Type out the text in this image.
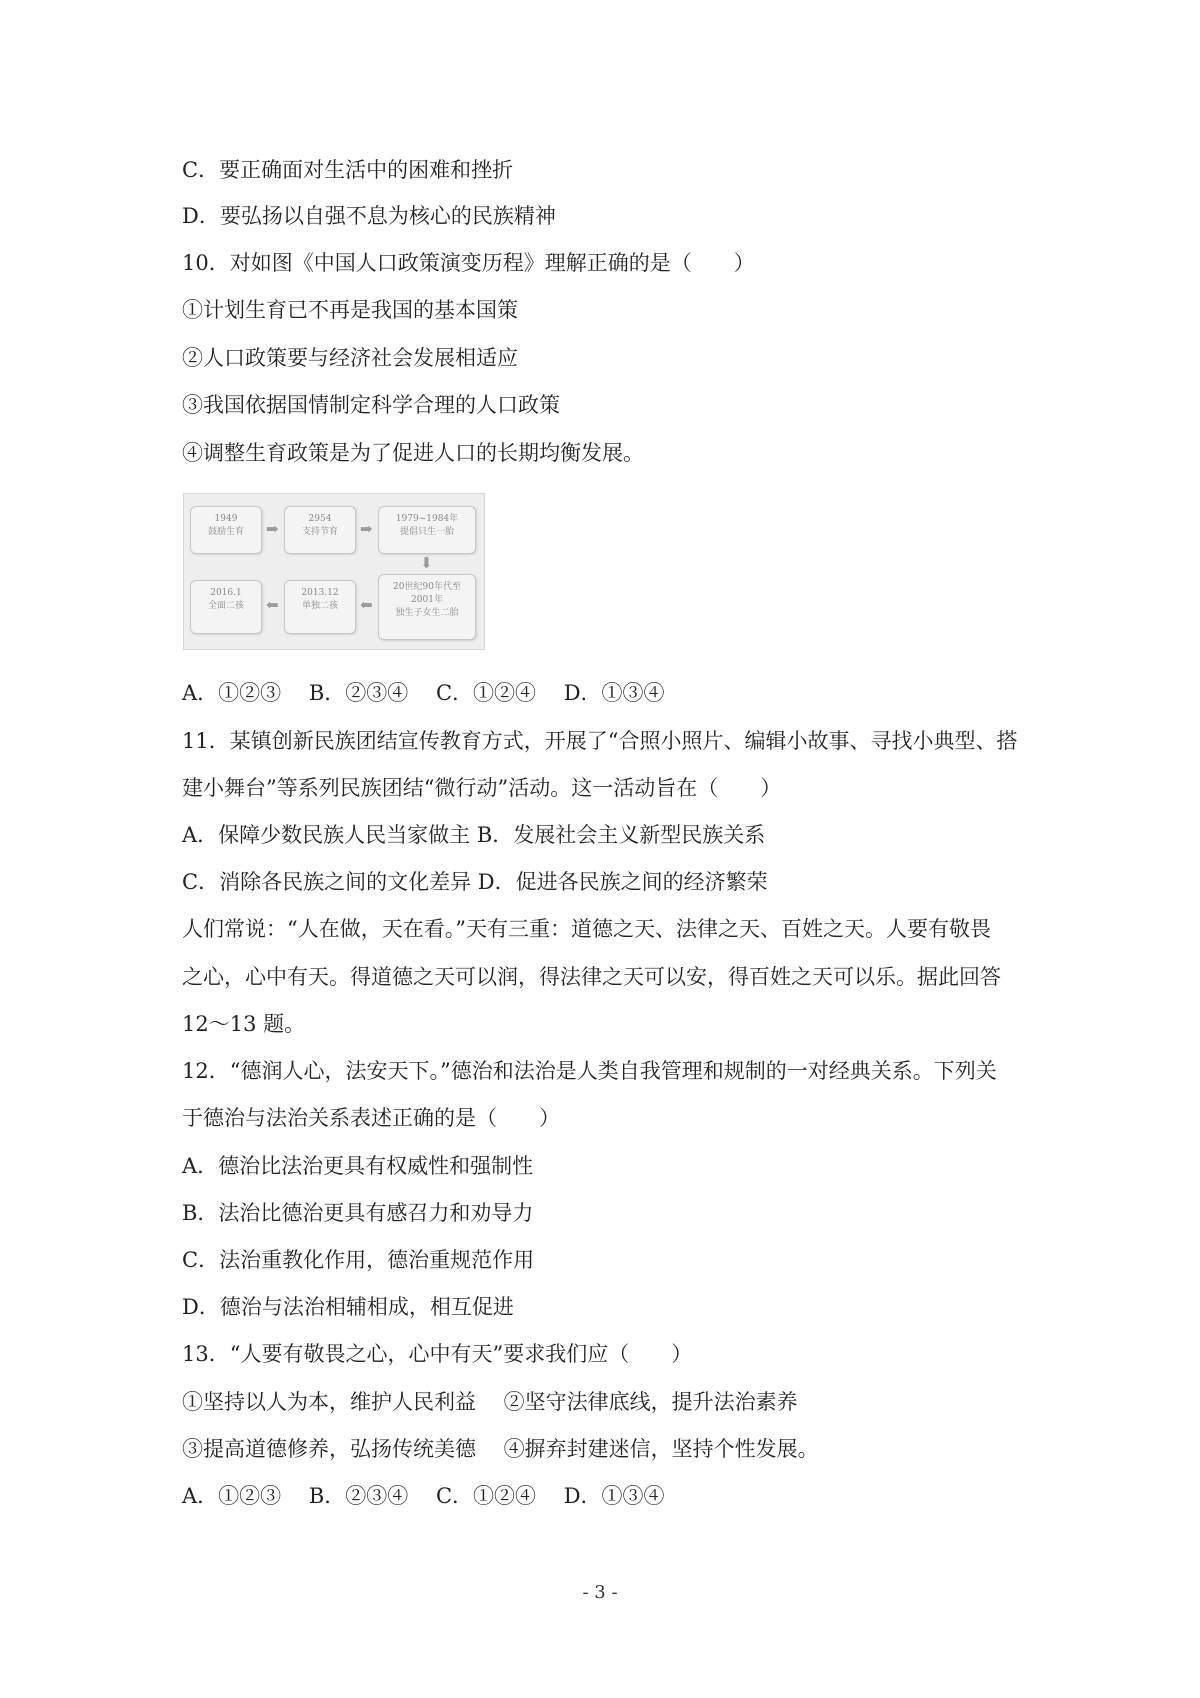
C．要正确面对生活中的困难和挫折
D．要弘扬以自强不息为核心的民族精神
10．对如图《中国人口政策演变历程》理解正确的是（　　）
①计划生育已不再是我国的基本国策
②人口政策要与经济社会发展相适应
③我国依据国情制定科学合理的人口政策
④调整生育政策是为了促进人口的长期均衡发展。
1949
鼓励生育	➡
2954
支持节育	➡
1979~1984年
提倡只生一胎
⬇
20世纪90年代至
2001年
独生子女生二胎
⬅
2013.12
单独二孩
⬅
2016.1
全面二孩
A．①②③　 B．②③④　 C．①②④　 D．①③④
11．某镇创新民族团结宣传教育方式，开展了“合照小照片、编辑小故事、寻找小典型、搭
建小舞台”等系列民族团结“微行动”活动。这一活动旨在（　　）
A．保障少数民族人民当家做主 B．发展社会主义新型民族关系
C．消除各民族之间的文化差异 D．促进各民族之间的经济繁荣
人们常说：“人在做，天在看。”天有三重：道德之天、法律之天、百姓之天。人要有敬畏
之心，心中有天。得道德之天可以润，得法律之天可以安，得百姓之天可以乐。据此回答
12～13 题。
12．“德润人心，法安天下。”德治和法治是人类自我管理和规制的一对经典关系。下列关
于德治与法治关系表述正确的是（　　）
A．德治比法治更具有权威性和强制性
B．法治比德治更具有感召力和劝导力
C．法治重教化作用，德治重规范作用
D．德治与法治相辅相成，相互促进
13．“人要有敬畏之心，心中有天”要求我们应（　　）
①坚持以人为本，维护人民利益　 ②坚守法律底线，提升法治素养
③提高道德修养，弘扬传统美德　 ④摒弃封建迷信，坚持个性发展。
A．①②③　 B．②③④　 C．①②④　 D．①③④
- 3 -
